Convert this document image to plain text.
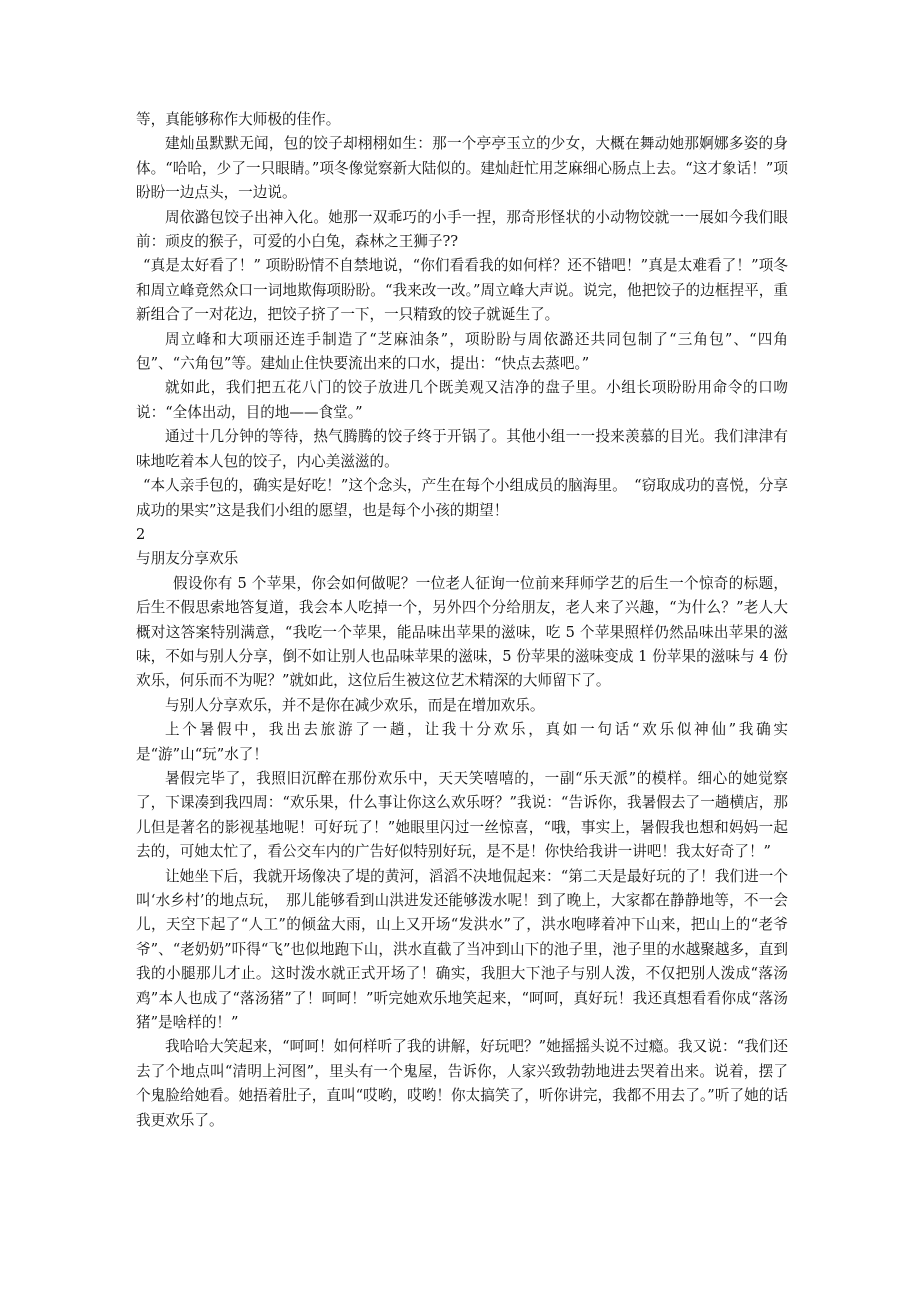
等，真能够称作大师极的佳作。

建灿虽默默无闻，包的饺子却栩栩如生：那一个亭亭玉立的少女，大概在舞动她那婀娜多姿的身体。“哈哈，少了一只眼睛。”项冬像觉察新大陆似的。建灿赶忙用芝麻细心肠点上去。“这才象话！”项盼盼一边点头，一边说。

周依潞包饺子出神入化。她那一双乖巧的小手一捏，那奇形怪状的小动物饺就一一展如今我们眼前：顽皮的猴子，可爱的小白兔，森林之王狮子??

“真是太好看了！” 项盼盼情不自禁地说，“你们看看我的如何样？还不错吧！”真是太难看了！”项冬和周立峰竟然众口一词地欺侮项盼盼。“我来改一改。”周立峰大声说。说完，他把饺子的边框捏平，重新组合了一对花边，把饺子挤了一下，一只精致的饺子就诞生了。

周立峰和大项丽还连手制造了“芝麻油条”，项盼盼与周依潞还共同包制了“三角包”、“四角包”、“六角包”等。建灿止住快要流出来的口水，提出：“快点去蒸吧。”

就如此，我们把五花八门的饺子放进几个既美观又洁净的盘子里。小组长项盼盼用命令的口吻说：“全体出动，目的地——食堂。”

通过十几分钟的等待，热气腾腾的饺子终于开锅了。其他小组一一投来羡慕的目光。我们津津有味地吃着本人包的饺子，内心美滋滋的。

“本人亲手包的，确实是好吃！”这个念头，产生在每个小组成员的脑海里。　“窃取成功的喜悦，分享成功的果实”这是我们小组的愿望，也是每个小孩的期望！

2

与朋友分享欢乐

假设你有 5 个苹果，你会如何做呢？一位老人征询一位前来拜师学艺的后生一个惊奇的标题，后生不假思索地答复道，我会本人吃掉一个，另外四个分给朋友，老人来了兴趣，“为什么？”老人大概对这答案特别满意，“我吃一个苹果，能品味出苹果的滋味，吃 5 个苹果照样仍然品味出苹果的滋味，不如与别人分享，倒不如让别人也品味苹果的滋味，5 份苹果的滋味变成 1 份苹果的滋味与 4 份欢乐，何乐而不为呢？”就如此，这位后生被这位艺术精深的大师留下了。

与别人分享欢乐，并不是你在减少欢乐，而是在增加欢乐。

上个暑假中，我出去旅游了一趟，让我十分欢乐，真如一句话“欢乐似神仙”我确实是“游”山“玩”水了！

暑假完毕了，我照旧沉醉在那份欢乐中，天天笑嘻嘻的，一副“乐天派”的模样。细心的她觉察了，下课凑到我四周：“欢乐果，什么事让你这么欢乐呀？”我说：“告诉你，我暑假去了一趟横店，那儿但是著名的影视基地呢！可好玩了！”她眼里闪过一丝惊喜，“哦，事实上，暑假我也想和妈妈一起去的，可她太忙了，看公交车内的广告好似特别好玩，是不是！你快给我讲一讲吧！我太好奇了！”

让她坐下后，我就开场像决了堤的黄河，滔滔不决地侃起来：“第二天是最好玩的了！我们进一个叫‘水乡村’的地点玩，　那儿能够看到山洪进发还能够泼水呢！到了晚上，大家都在静静地等，不一会儿，天空下起了“人工”的倾盆大雨，山上又开场“发洪水”了，洪水咆哮着冲下山来，把山上的“老爷爷”、“老奶奶”吓得“飞”也似地跑下山，洪水直截了当冲到山下的池子里，池子里的水越聚越多，直到我的小腿那儿才止。这时泼水就正式开场了！确实，我胆大下池子与别人泼，不仅把别人泼成“落汤鸡”本人也成了“落汤猪”了！呵呵！”听完她欢乐地笑起来，“呵呵，真好玩！我还真想看看你成“落汤猪”是啥样的！”

我哈哈大笑起来，“呵呵！如何样听了我的讲解，好玩吧？”她摇摇头说不过瘾。我又说：“我们还去了个地点叫“清明上河图”，里头有一个鬼屋，告诉你，人家兴致勃勃地进去哭着出来。说着，摆了个鬼脸给她看。她捂着肚子，直叫“哎哟，哎哟！你太搞笑了，听你讲完，我都不用去了。”听了她的话我更欢乐了。
